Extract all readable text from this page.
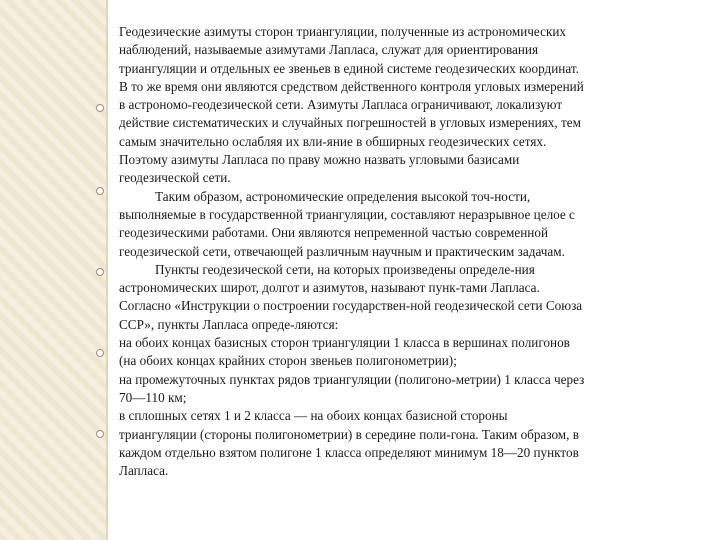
Геодезические азимуты сторон триангуляции, полученные из астрономических
наблюдений, называемые азимутами Лапласа, служат для ориентирования
триангуляции и отдельных ее звеньев в единой системе геодезических координат.
В то же время они являются средством действенного контроля угловых измерений
в астрономо-геодезической сети. Азимуты Лапласа ограничивают, локализуют
действие систематических и случайных погрешностей в угловых измерениях, тем
самым значительно ослабляя их вли-яние в обширных геодезических сетях.
Поэтому азимуты Лапласа по праву можно назвать угловыми базисами
геодезической сети.
Таким образом, астрономические определения высокой точ-ности,
выполняемые в государственной триангуляции, составляют неразрывное целое с
геодезическими работами. Они являются непременной частью современной
геодезической сети, отвечающей различным научным и практическим задачам.
Пункты геодезической сети, на которых произведены определе-ния
астрономических широт, долгот и азимутов, называют пунк-тами Лапласа.
Согласно «Инструкции о построении государствен-ной геодезической сети Союза
ССР», пункты Лапласа опреде-ляются:
на обоих концах базисных сторон триангуляции 1 класса в вершинах полигонов
(на обоих концах крайних сторон звеньев полигонометрии);
на промежуточных пунктах рядов триангуляции (полигоно-метрии) 1 класса через
70—110 км;
в сплошных сетях 1 и 2 класса — на обоих концах базисной стороны
триангуляции (стороны полигонометрии) в середине поли-гона. Таким образом, в
каждом отдельно взятом полигоне 1 класса определяют минимум 18—20 пунктов
Лапласа.
